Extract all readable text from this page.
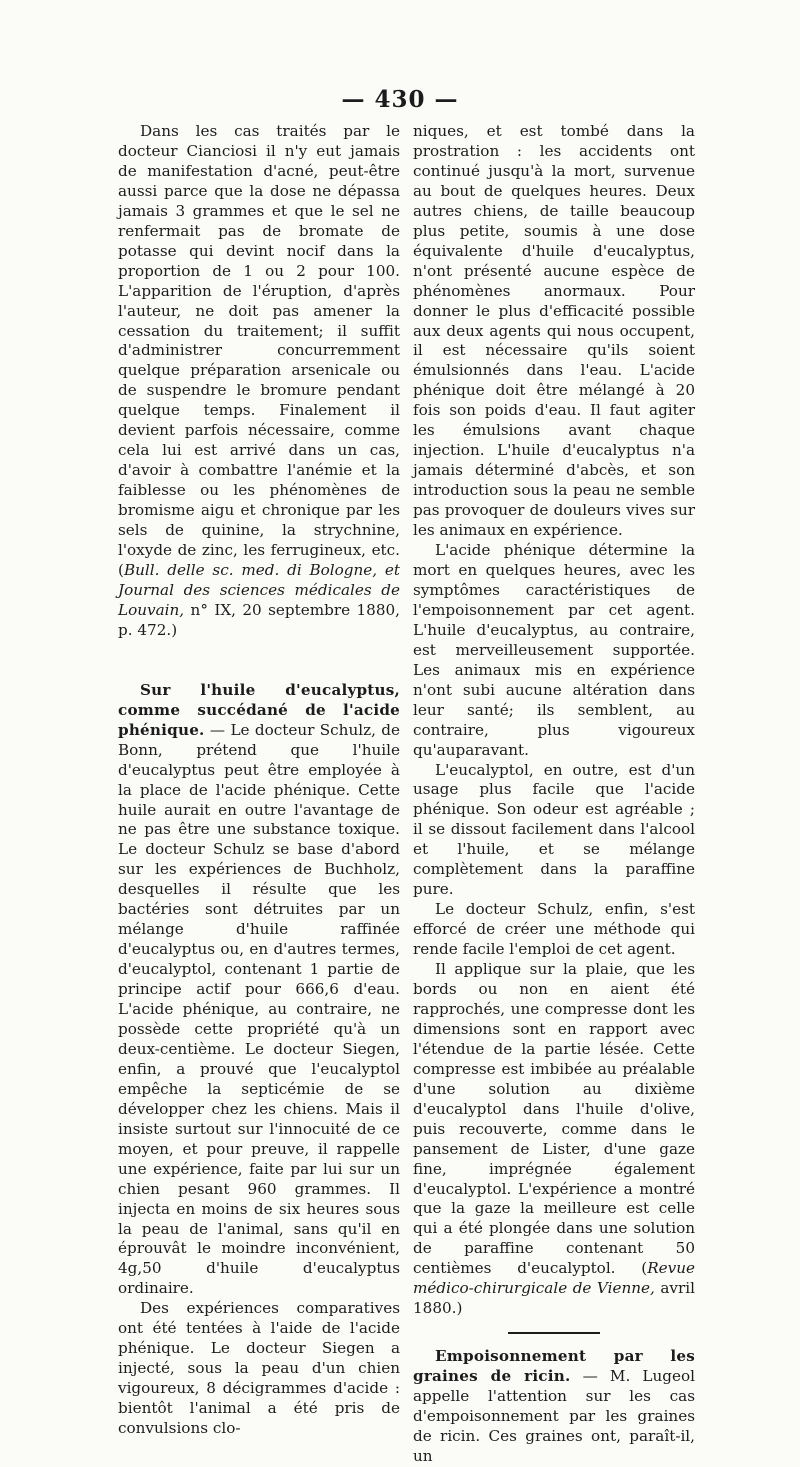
— 430 —

Dans les cas traités par le docteur Cianciosi il n'y eut jamais de manifestation d'acné, peut-être aussi parce que la dose ne dépassa jamais 3 grammes et que le sel ne renfermait pas de bromate de potasse qui devint nocif dans la proportion de 1 ou 2 pour 100. L'apparition de l'éruption, d'après l'auteur, ne doit pas amener la cessation du traitement; il suffit d'administrer concurremment quelque préparation arsenicale ou de suspendre le bromure pendant quelque temps. Finalement il devient parfois nécessaire, comme cela lui est arrivé dans un cas, d'avoir à combattre l'anémie et la faiblesse ou les phénomènes de bromisme aigu et chronique par les sels de quinine, la strychnine, l'oxyde de zinc, les ferrugineux, etc. (Bull. delle sc. med. di Bologne, et Journal des sciences médicales de Louvain, n° IX, 20 septembre 1880, p. 472.)

Sur l'huile d'eucalyptus, comme succédané de l'acide phénique. — Le docteur Schulz, de Bonn, prétend que l'huile d'eucalyptus peut être employée à la place de l'acide phénique. Cette huile aurait en outre l'avantage de ne pas être une substance toxique. Le docteur Schulz se base d'abord sur les expériences de Buchholz, desquelles il résulte que les bactéries sont détruites par un mélange d'huile raffinée d'eucalyptus ou, en d'autres termes, d'eucalyptol, contenant 1 partie de principe actif pour 666,6 d'eau. L'acide phénique, au contraire, ne possède cette propriété qu'à un deux-centième. Le docteur Siegen, enfin, a prouvé que l'eucalyptol empêche la septicémie de se développer chez les chiens. Mais il insiste surtout sur l'innocuité de ce moyen, et pour preuve, il rappelle une expérience, faite par lui sur un chien pesant 960 grammes. Il injecta en moins de six heures sous la peau de l'animal, sans qu'il en éprouvât le moindre inconvénient, 4g,50 d'huile d'eucalyptus ordinaire.

Des expériences comparatives ont été tentées à l'aide de l'acide phénique. Le docteur Siegen a injecté, sous la peau d'un chien vigoureux, 8 décigrammes d'acide : bientôt l'animal a été pris de convulsions clo-

niques, et est tombé dans la prostration : les accidents ont continué jusqu'à la mort, survenue au bout de quelques heures. Deux autres chiens, de taille beaucoup plus petite, soumis à une dose équivalente d'huile d'eucalyptus, n'ont présenté aucune espèce de phénomènes anormaux. Pour donner le plus d'efficacité possible aux deux agents qui nous occupent, il est nécessaire qu'ils soient émulsionnés dans l'eau. L'acide phénique doit être mélangé à 20 fois son poids d'eau. Il faut agiter les émulsions avant chaque injection. L'huile d'eucalyptus n'a jamais déterminé d'abcès, et son introduction sous la peau ne semble pas provoquer de douleurs vives sur les animaux en expérience.

L'acide phénique détermine la mort en quelques heures, avec les symptômes caractéristiques de l'empoisonnement par cet agent. L'huile d'eucalyptus, au contraire, est merveilleusement supportée. Les animaux mis en expérience n'ont subi aucune altération dans leur santé; ils semblent, au contraire, plus vigoureux qu'auparavant.

L'eucalyptol, en outre, est d'un usage plus facile que l'acide phénique. Son odeur est agréable ; il se dissout facilement dans l'alcool et l'huile, et se mélange complètement dans la paraffine pure.

Le docteur Schulz, enfin, s'est efforcé de créer une méthode qui rende facile l'emploi de cet agent.

Il applique sur la plaie, que les bords ou non en aient été rapprochés, une compresse dont les dimensions sont en rapport avec l'étendue de la partie lésée. Cette compresse est imbibée au préalable d'une solution au dixième d'eucalyptol dans l'huile d'olive, puis recouverte, comme dans le pansement de Lister, d'une gaze fine, imprégnée également d'eucalyptol. L'expérience a montré que la gaze la meilleure est celle qui a été plongée dans une solution de paraffine contenant 50 centièmes d'eucalyptol. (Revue médico-chirurgicale de Vienne, avril 1880.)

Empoisonnement par les graines de ricin. — M. Lugeol appelle l'attention sur les cas d'empoisonnement par les graines de ricin. Ces graines ont, paraît-il, un
